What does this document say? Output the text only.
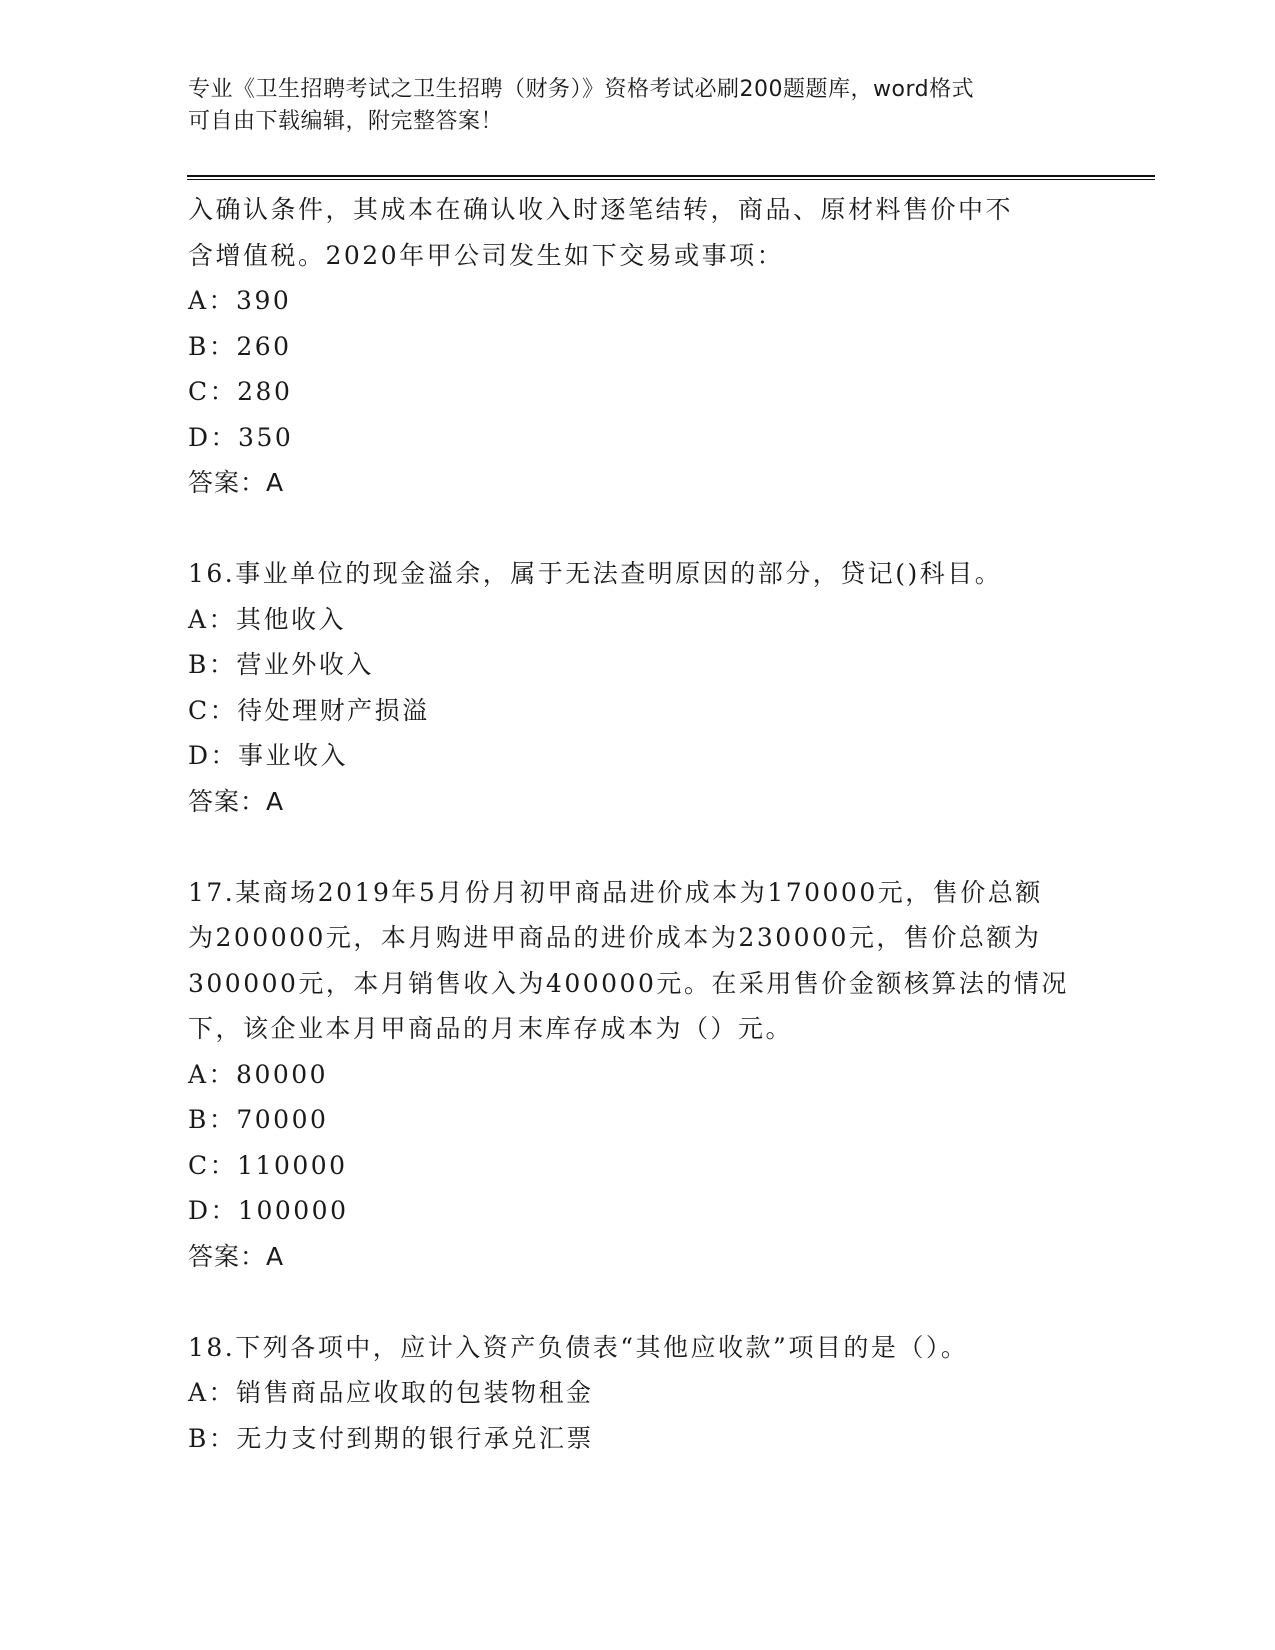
专业《卫生招聘考试之卫生招聘（财务）》资格考试必刷200题题库，word格式
可自由下载编辑，附完整答案！
入确认条件，其成本在确认收入时逐笔结转，商品、原材料售价中不
含增值税。2020年甲公司发生如下交易或事项：
A：390
B：260
C：280
D：350
答案：A
16.事业单位的现金溢余，属于无法查明原因的部分，贷记()科目。
A：其他收入
B：营业外收入
C：待处理财产损溢
D：事业收入
答案：A
17.某商场2019年5月份月初甲商品进价成本为170000元，售价总额
为200000元，本月购进甲商品的进价成本为230000元，售价总额为
300000元，本月销售收入为400000元。在采用售价金额核算法的情况
下，该企业本月甲商品的月末库存成本为（）元。
A：80000
B：70000
C：110000
D：100000
答案：A
18.下列各项中，应计入资产负债表“其他应收款”项目的是（）。
A：销售商品应收取的包装物租金
B：无力支付到期的银行承兑汇票
